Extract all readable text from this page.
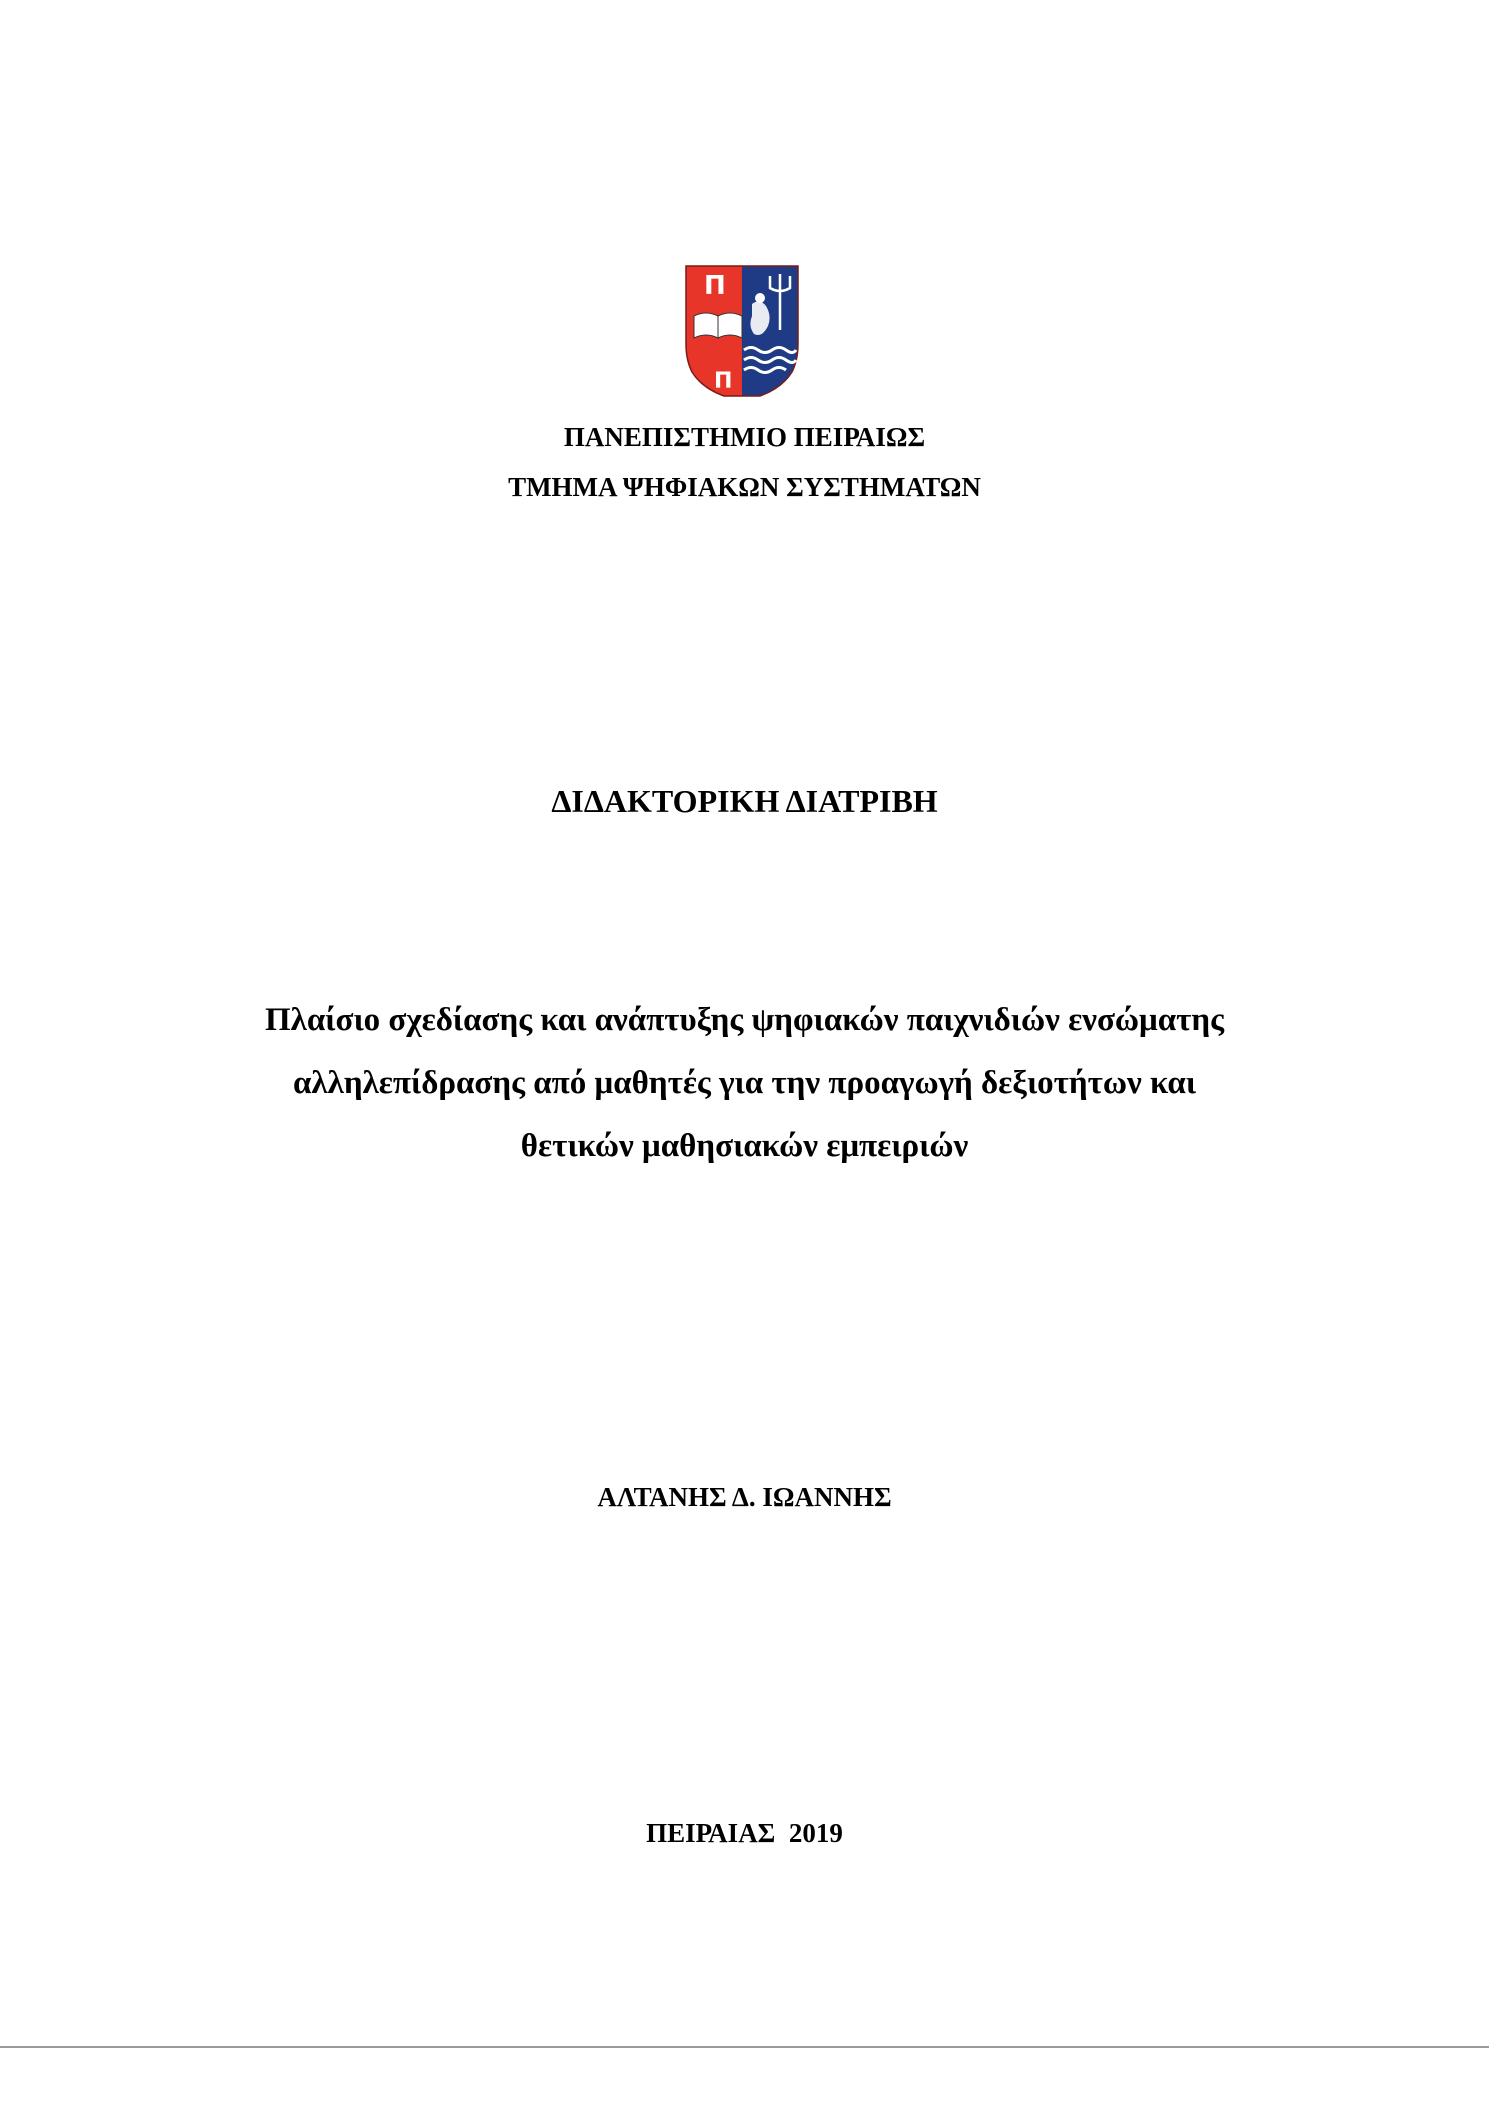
Π
Π
ΠΑΝΕΠΙΣΤΗΜΙΟ ΠΕΙΡΑΙΩΣ
ΤΜΗΜΑ ΨΗΦΙΑΚΩΝ ΣΥΣΤΗΜΑΤΩΝ
ΔΙΔΑΚΤΟΡΙΚΗ ΔΙΑΤΡΙΒΗ
Πλαίσιο σχεδίασης και ανάπτυξης ψηφιακών παιχνιδιών ενσώματης
αλληλεπίδρασης από μαθητές για την προαγωγή δεξιοτήτων και
θετικών μαθησιακών εμπειριών
ΑΛΤΑΝΗΣ Δ. ΙΩΑΝΝΗΣ
ΠΕΙΡΑΙΑΣ  2019
